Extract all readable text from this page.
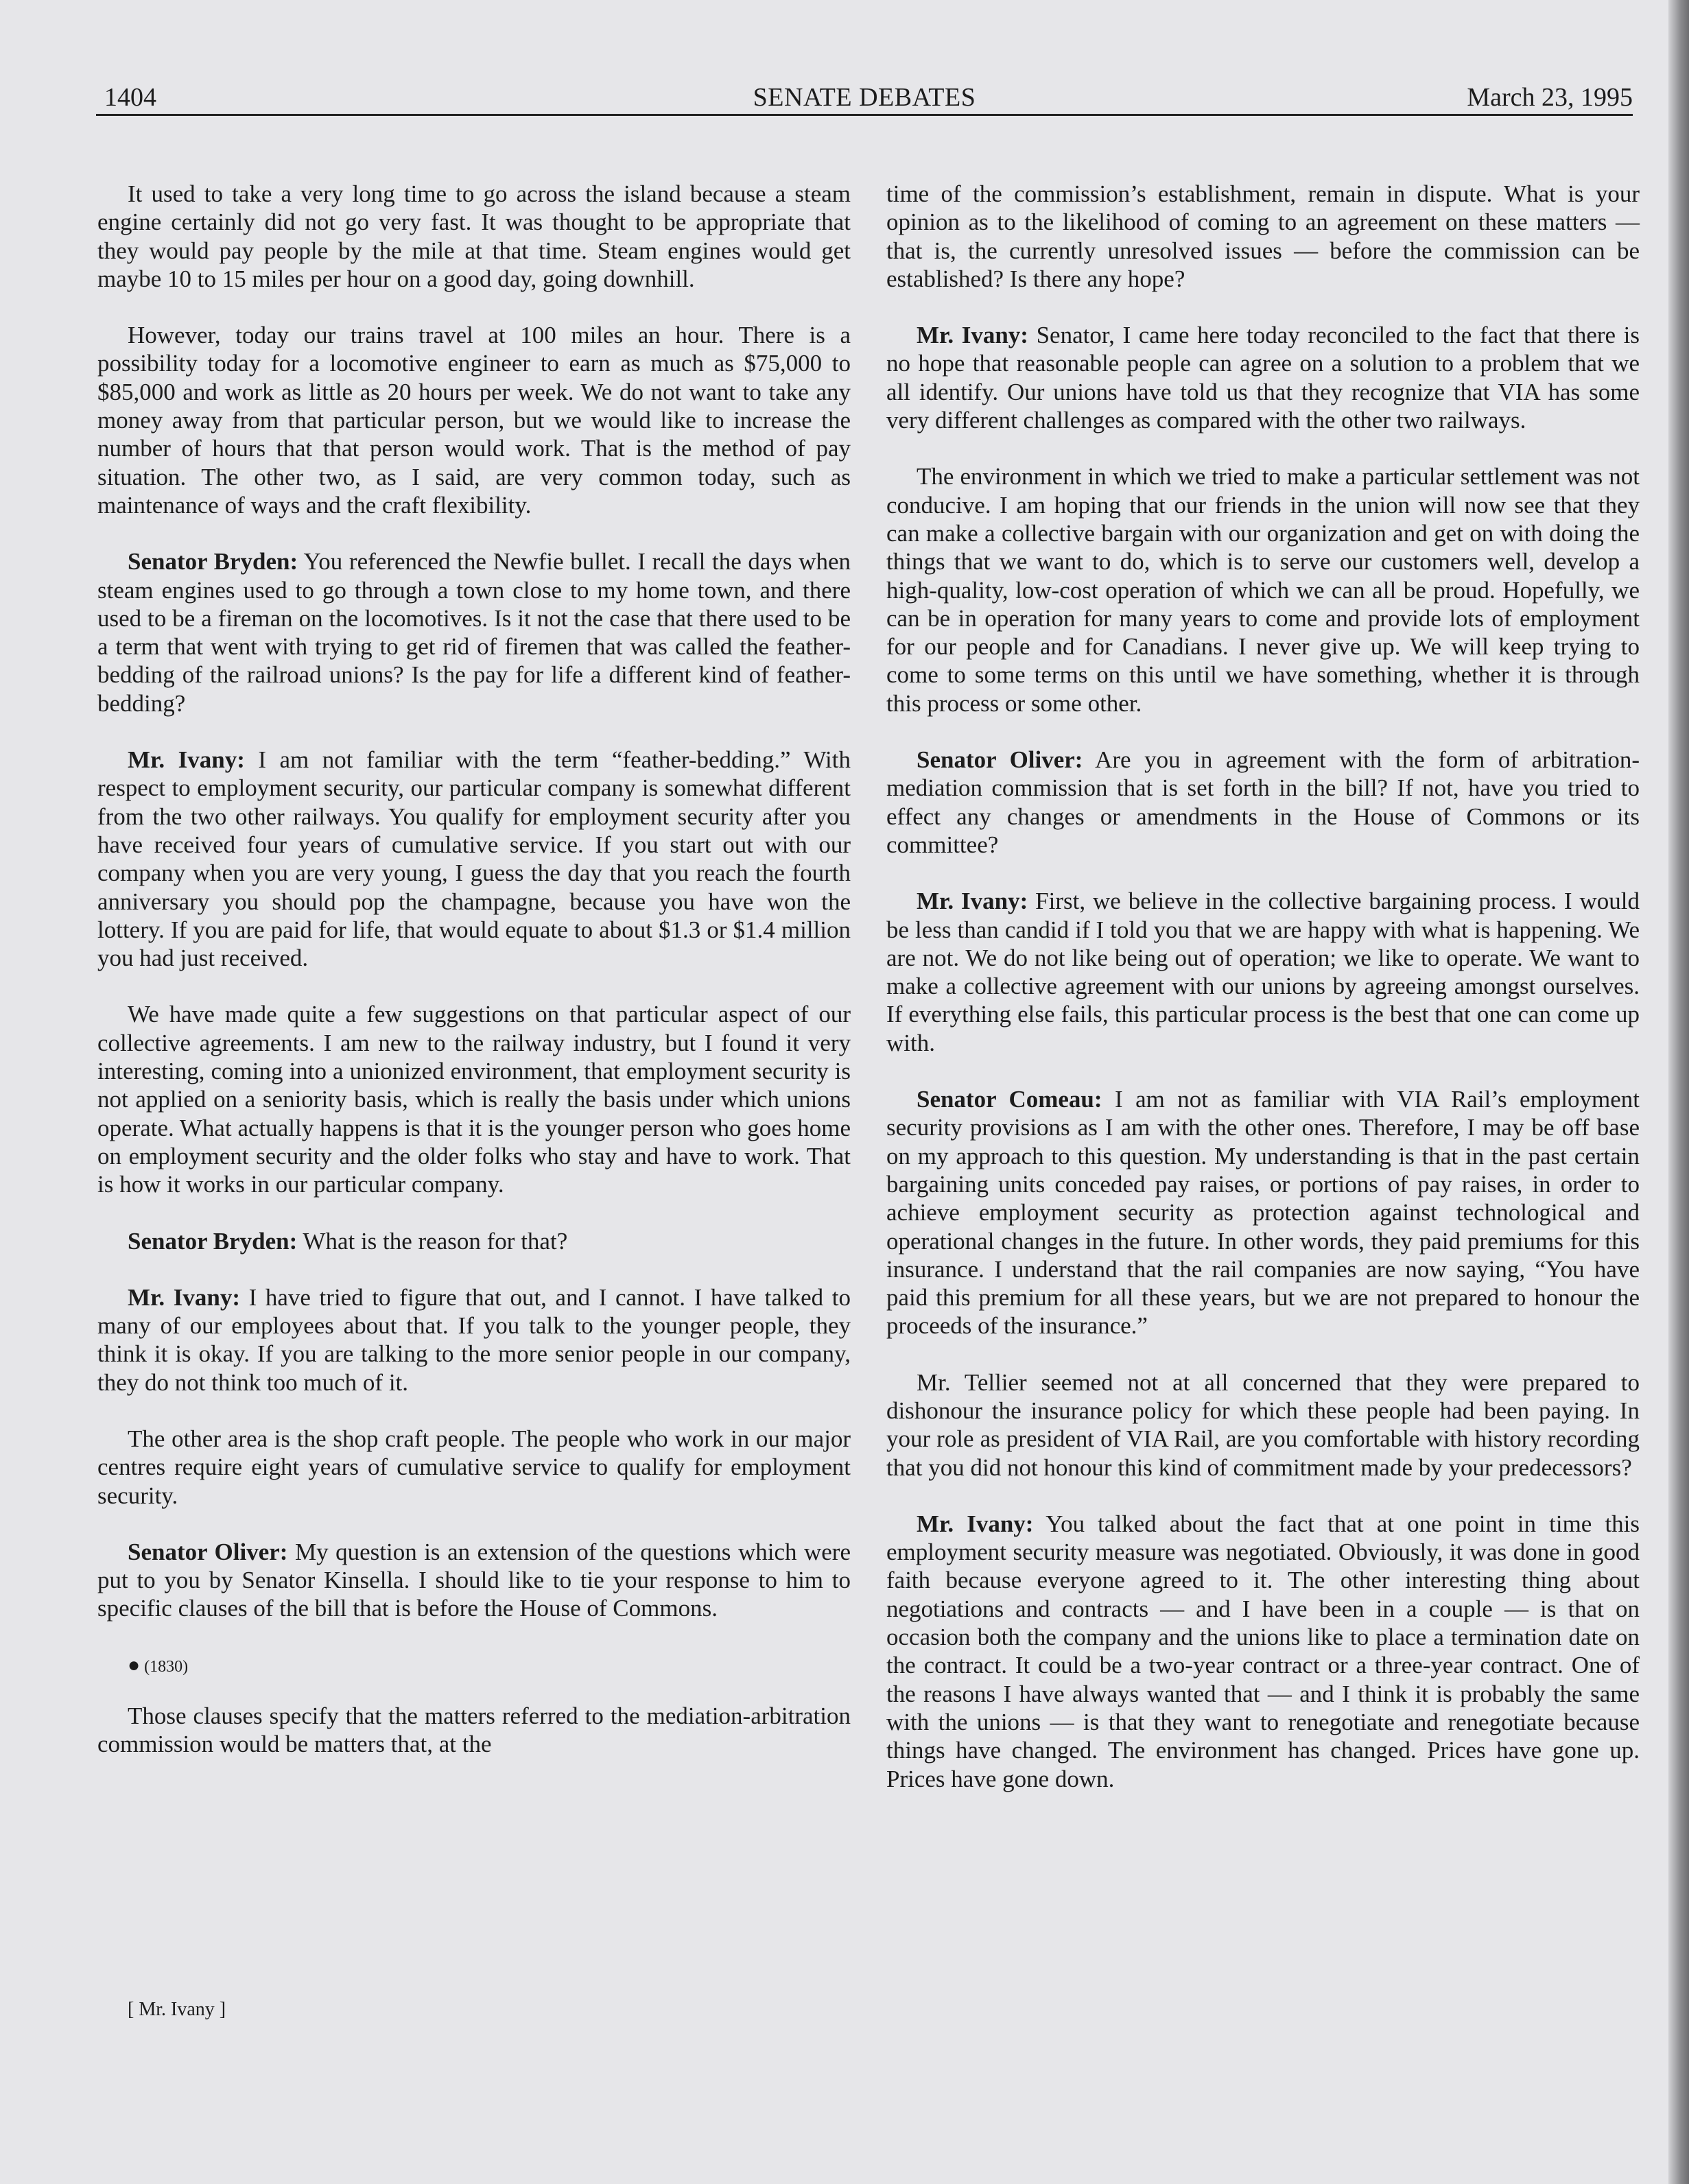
1404	SENATE DEBATES	March 23, 1995

It used to take a very long time to go across the island because a steam engine certainly did not go very fast. It was thought to be appropriate that they would pay people by the mile at that time. Steam engines would get maybe 10 to 15 miles per hour on a good day, going downhill.

However, today our trains travel at 100 miles an hour. There is a possibility today for a locomotive engineer to earn as much as $75,000 to $85,000 and work as little as 20 hours per week. We do not want to take any money away from that particular person, but we would like to increase the number of hours that that person would work. That is the method of pay situation. The other two, as I said, are very common today, such as maintenance of ways and the craft flexibility.

Senator Bryden: You referenced the Newfie bullet. I recall the days when steam engines used to go through a town close to my home town, and there used to be a fireman on the locomotives. Is it not the case that there used to be a term that went with trying to get rid of firemen that was called the feather-bedding of the railroad unions? Is the pay for life a different kind of feather-bedding?

Mr. Ivany: I am not familiar with the term “feather-bedding.” With respect to employment security, our particular company is somewhat different from the two other railways. You qualify for employment security after you have received four years of cumulative service. If you start out with our company when you are very young, I guess the day that you reach the fourth anniversary you should pop the champagne, because you have won the lottery. If you are paid for life, that would equate to about $1.3 or $1.4 million you had just received.

We have made quite a few suggestions on that particular aspect of our collective agreements. I am new to the railway industry, but I found it very interesting, coming into a unionized environment, that employment security is not applied on a seniority basis, which is really the basis under which unions operate. What actually happens is that it is the younger person who goes home on employment security and the older folks who stay and have to work. That is how it works in our particular company.

Senator Bryden: What is the reason for that?

Mr. Ivany: I have tried to figure that out, and I cannot. I have talked to many of our employees about that. If you talk to the younger people, they think it is okay. If you are talking to the more senior people in our company, they do not think too much of it.

The other area is the shop craft people. The people who work in our major centres require eight years of cumulative service to qualify for employment security.

Senator Oliver: My question is an extension of the questions which were put to you by Senator Kinsella. I should like to tie your response to him to specific clauses of the bill that is before the House of Commons.

● (1830)

Those clauses specify that the matters referred to the mediation-arbitration commission would be matters that, at the

time of the commission’s establishment, remain in dispute. What is your opinion as to the likelihood of coming to an agreement on these matters — that is, the currently unresolved issues — before the commission can be established? Is there any hope?

Mr. Ivany: Senator, I came here today reconciled to the fact that there is no hope that reasonable people can agree on a solution to a problem that we all identify. Our unions have told us that they recognize that VIA has some very different challenges as compared with the other two railways.

The environment in which we tried to make a particular settlement was not conducive. I am hoping that our friends in the union will now see that they can make a collective bargain with our organization and get on with doing the things that we want to do, which is to serve our customers well, develop a high-quality, low-cost operation of which we can all be proud. Hopefully, we can be in operation for many years to come and provide lots of employment for our people and for Canadians. I never give up. We will keep trying to come to some terms on this until we have something, whether it is through this process or some other.

Senator Oliver: Are you in agreement with the form of arbitration-mediation commission that is set forth in the bill? If not, have you tried to effect any changes or amendments in the House of Commons or its committee?

Mr. Ivany: First, we believe in the collective bargaining process. I would be less than candid if I told you that we are happy with what is happening. We are not. We do not like being out of operation; we like to operate. We want to make a collective agreement with our unions by agreeing amongst ourselves. If everything else fails, this particular process is the best that one can come up with.

Senator Comeau: I am not as familiar with VIA Rail’s employment security provisions as I am with the other ones. Therefore, I may be off base on my approach to this question. My understanding is that in the past certain bargaining units conceded pay raises, or portions of pay raises, in order to achieve employment security as protection against technological and operational changes in the future. In other words, they paid premiums for this insurance. I understand that the rail companies are now saying, “You have paid this premium for all these years, but we are not prepared to honour the proceeds of the insurance.”

Mr. Tellier seemed not at all concerned that they were prepared to dishonour the insurance policy for which these people had been paying. In your role as president of VIA Rail, are you comfortable with history recording that you did not honour this kind of commitment made by your predecessors?

Mr. Ivany: You talked about the fact that at one point in time this employment security measure was negotiated. Obviously, it was done in good faith because everyone agreed to it. The other interesting thing about negotiations and contracts — and I have been in a couple — is that on occasion both the company and the unions like to place a termination date on the contract. It could be a two-year contract or a three-year contract. One of the reasons I have always wanted that — and I think it is probably the same with the unions — is that they want to renegotiate and renegotiate because things have changed. The environment has changed. Prices have gone up. Prices have gone down.

[ Mr. Ivany ]
